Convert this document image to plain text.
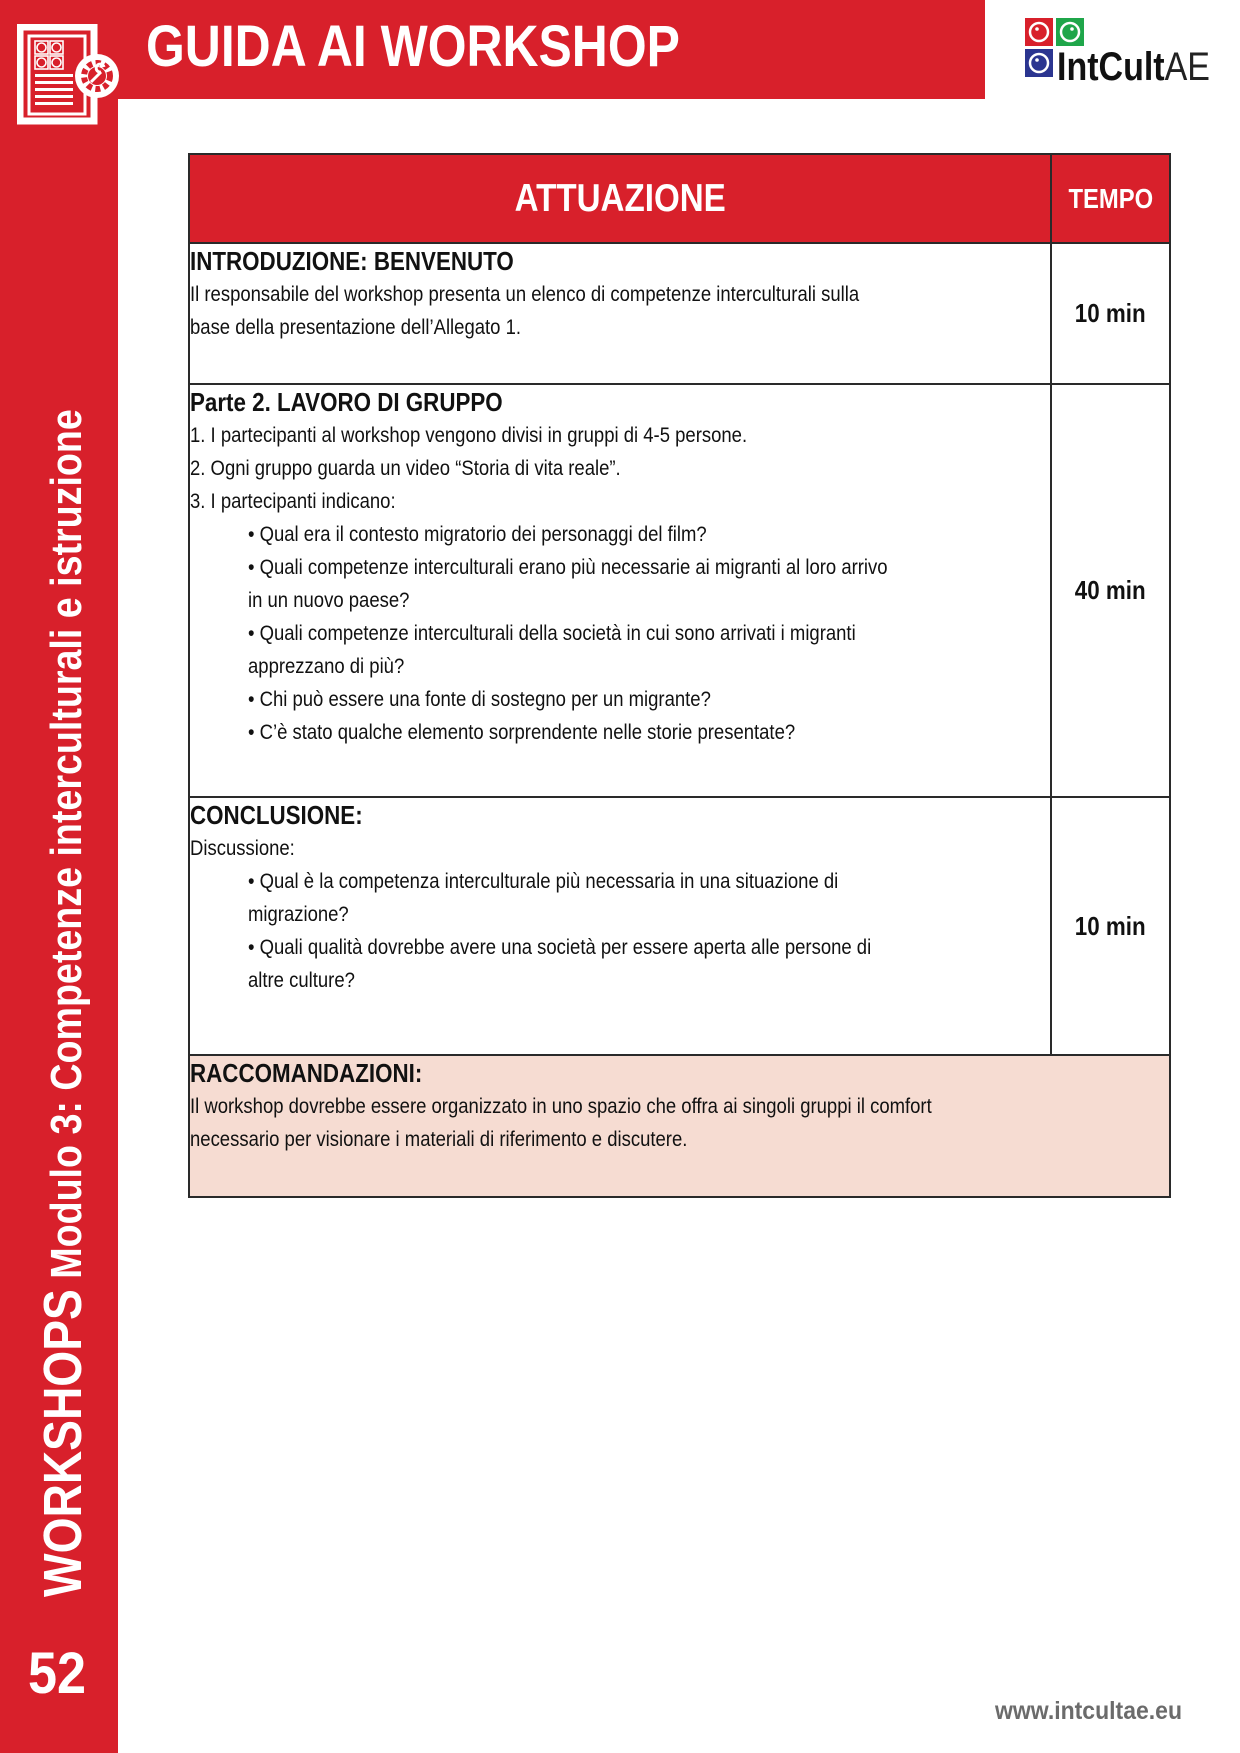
GUIDA AI WORKSHOP	IntCultAE
WORKSHOPS Modulo 3: Competenze interculturali e istruzione
52
ATTUAZIONE	TEMPO

INTRODUZIONE: BENVENUTO
Il responsabile del workshop presenta un elenco di competenze interculturali sulla
base della presentazione dell’Allegato 1.	10 min

Parte 2. LAVORO DI GRUPPO
1. I partecipanti al workshop vengono divisi in gruppi di 4-5 persone.
2. Ogni gruppo guarda un video “Storia di vita reale”.
3. I partecipanti indicano:
• Qual era il contesto migratorio dei personaggi del film?
• Quali competenze interculturali erano più necessarie ai migranti al loro arrivo
in un nuovo paese?
• Quali competenze interculturali della società in cui sono arrivati i migranti
apprezzano di più?
• Chi può essere una fonte di sostegno per un migrante?
• C’è stato qualche elemento sorprendente nelle storie presentate?
	40 min

CONCLUSIONE:
Discussione:
• Qual è la competenza interculturale più necessaria in una situazione di
migrazione?
• Quali qualità dovrebbe avere una società per essere aperta alle persone di
altre culture?
	10 min

RACCOMANDAZIONI:
Il workshop dovrebbe essere organizzato in uno spazio che offra ai singoli gruppi il comfort
necessario per visionare i materiali di riferimento e discutere.	
www.intcultae.eu
